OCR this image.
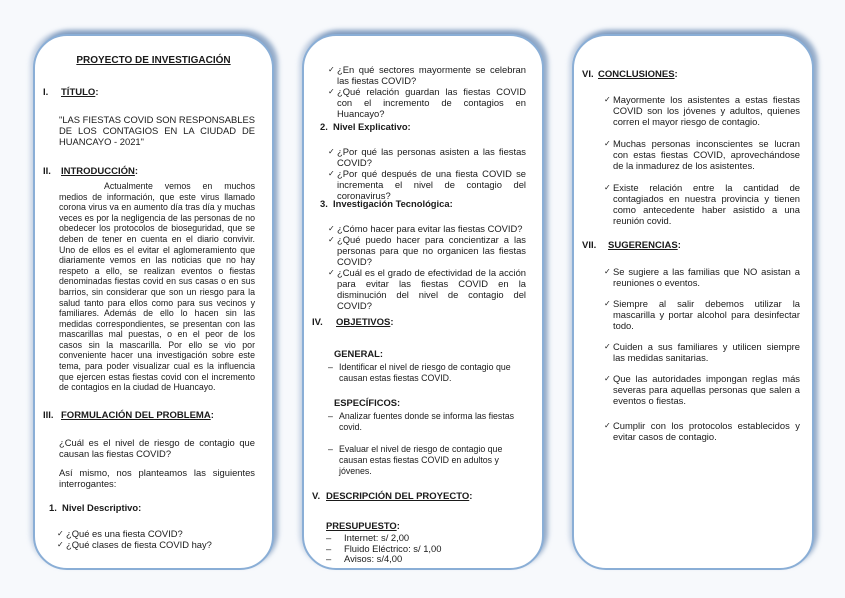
PROYECTO DE INVESTIGACIÓN
I. TÍTULO:
"LAS FIESTAS COVID SON RESPONSABLES DE LOS CONTAGIOS EN LA CIUDAD DE HUANCAYO - 2021"
II. INTRODUCCIÓN:
Actualmente vemos en muchos medios de información, que este virus llamado corona virus va en aumento día tras día y muchas veces es por la negligencia de las personas de no obedecer los protocolos de bioseguridad, que se deben de tener en cuenta en el diario convivir. Uno de ellos es el evitar el aglomeramiento que diariamente vemos en las noticias que no hay respeto a ello, se realizan eventos o fiestas denominadas fiestas covid en sus casas o en sus barrios, sin considerar que son un riesgo para la salud tanto para ellos como para sus vecinos y familiares. Además de ello lo hacen sin las medidas correspondientes, se presentan con las mascarillas mal puestas, o en el peor de los casos sin la mascarilla. Por ello se vio por conveniente hacer una investigación sobre este tema, para poder visualizar cual es la influencia que ejercen estas fiestas covid con el incremento de contagios en la ciudad de Huancayo.
III. FORMULACIÓN DEL PROBLEMA:
¿Cuál es el nivel de riesgo de contagio que causan las fiestas COVID?
Así mismo, nos planteamos las siguientes interrogantes:
1. Nivel Descriptivo:
✓ ¿Qué es una fiesta COVID?
✓ ¿Qué clases de fiesta COVID hay?
✓ ¿En qué sectores mayormente se celebran las fiestas COVID?
✓ ¿Qué relación guardan las fiestas COVID con el incremento de contagios en Huancayo?
2. Nivel Explicativo:
✓ ¿Por qué las personas asisten a las fiestas COVID?
✓ ¿Por qué después de una fiesta COVID se incrementa el nivel de contagio del coronavirus?
3. Investigación Tecnológica:
✓ ¿Cómo hacer para evitar las fiestas COVID?
✓ ¿Qué puedo hacer para concientizar a las personas para que no organicen las fiestas COVID?
✓ ¿Cuál es el grado de efectividad de la acción para evitar las fiestas COVID en la disminución del nivel de contagio del COVID?
IV. OBJETIVOS:
GENERAL:
– Identificar el nivel de riesgo de contagio que causan estas fiestas COVID.
ESPECÍFICOS:
– Analizar fuentes donde se informa las fiestas covid.
– Evaluar el nivel de riesgo de contagio que causan estas fiestas COVID en adultos y jóvenes.
V. DESCRIPCIÓN DEL PROYECTO:
PRESUPUESTO:
– Internet: s/ 2,00
– Fluido Eléctrico: s/ 1,00
– Avisos: s/4,00
VI. CONCLUSIONES:
✓ Mayormente los asistentes a estas fiestas COVID son los jóvenes y adultos, quienes corren el mayor riesgo de contagio.
✓ Muchas personas inconscientes se lucran con estas fiestas COVID, aprovechándose de la inmadurez de los asistentes.
✓ Existe relación entre la cantidad de contagiados en nuestra provincia y tienen como antecedente haber asistido a una reunión covid.
VII. SUGERENCIAS:
✓ Se sugiere a las familias que NO asistan a reuniones o eventos.
✓ Siempre al salir debemos utilizar la mascarilla y portar alcohol para desinfectar todo.
✓ Cuiden a sus familiares y utilicen siempre las medidas sanitarias.
✓ Que las autoridades impongan reglas más severas para aquellas personas que salen a eventos o fiestas.
✓ Cumplir con los protocolos establecidos y evitar casos de contagio.
